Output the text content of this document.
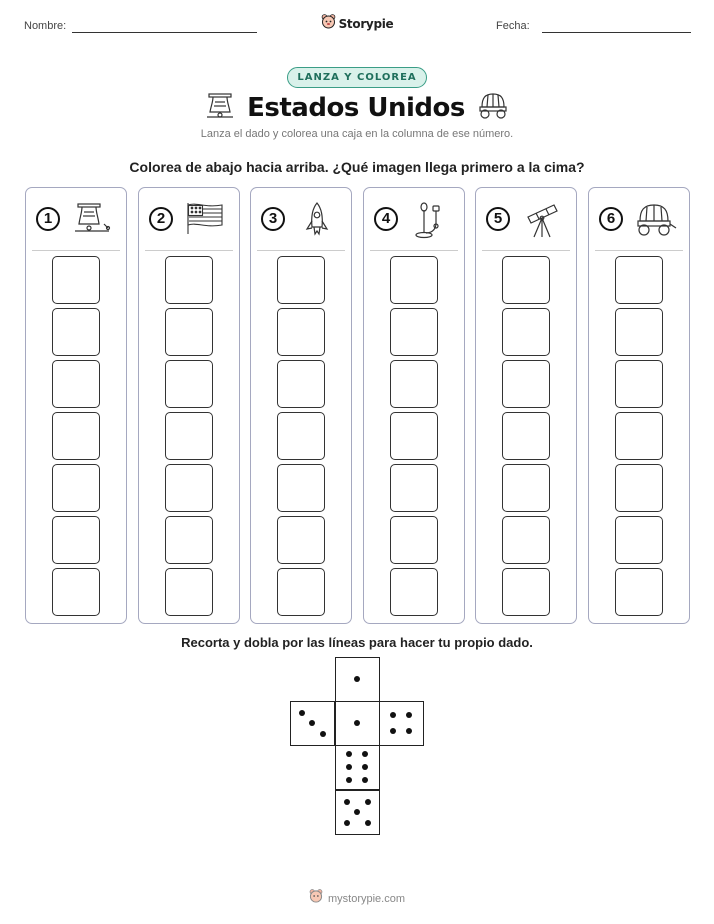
Nombre:	Storypie	Fecha:
LANZA Y COLOREA
Estados Unidos
Lanza el dado y colorea una caja en la columna de ese número.
Colorea de abajo hacia arriba. ¿Qué imagen llega primero a la cima?
1	2	3	4	5	6
Recorta y dobla por las líneas para hacer tu propio dado.
mystorypie.com
